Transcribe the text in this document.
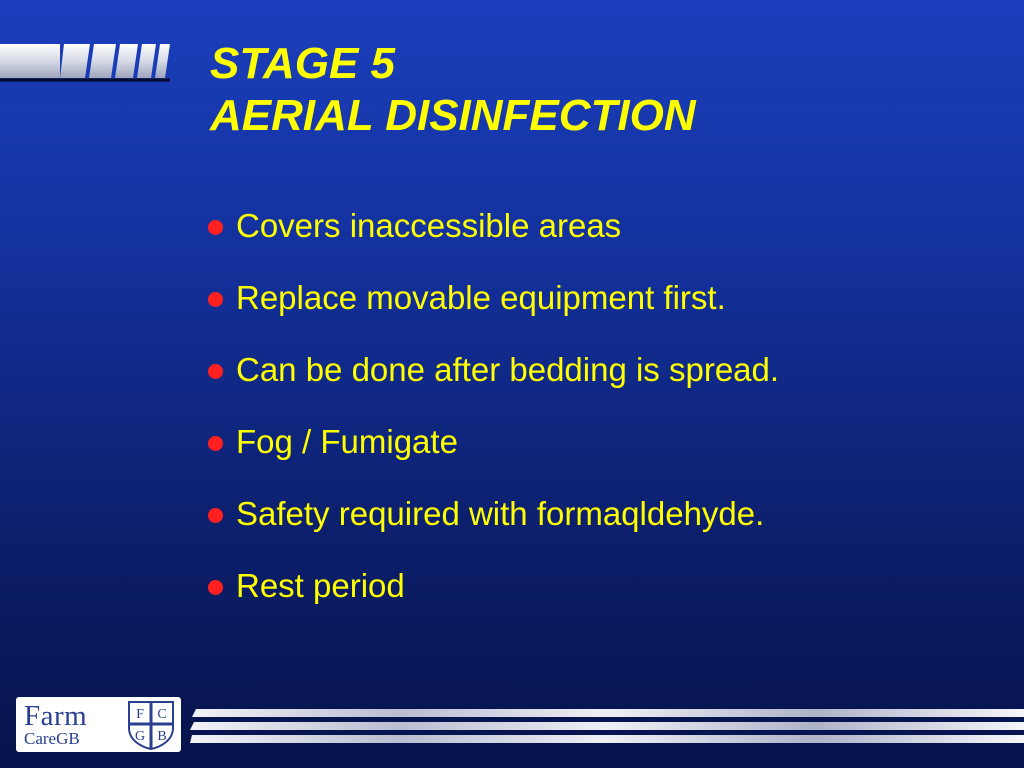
STAGE 5
AERIAL DISINFECTION
Covers inaccessible areas
Replace movable equipment first.
Can be done after bedding is spread.
Fog / Fumigate
Safety required with formaqldehyde.
Rest period
Farm
CareGB
F C
G B
